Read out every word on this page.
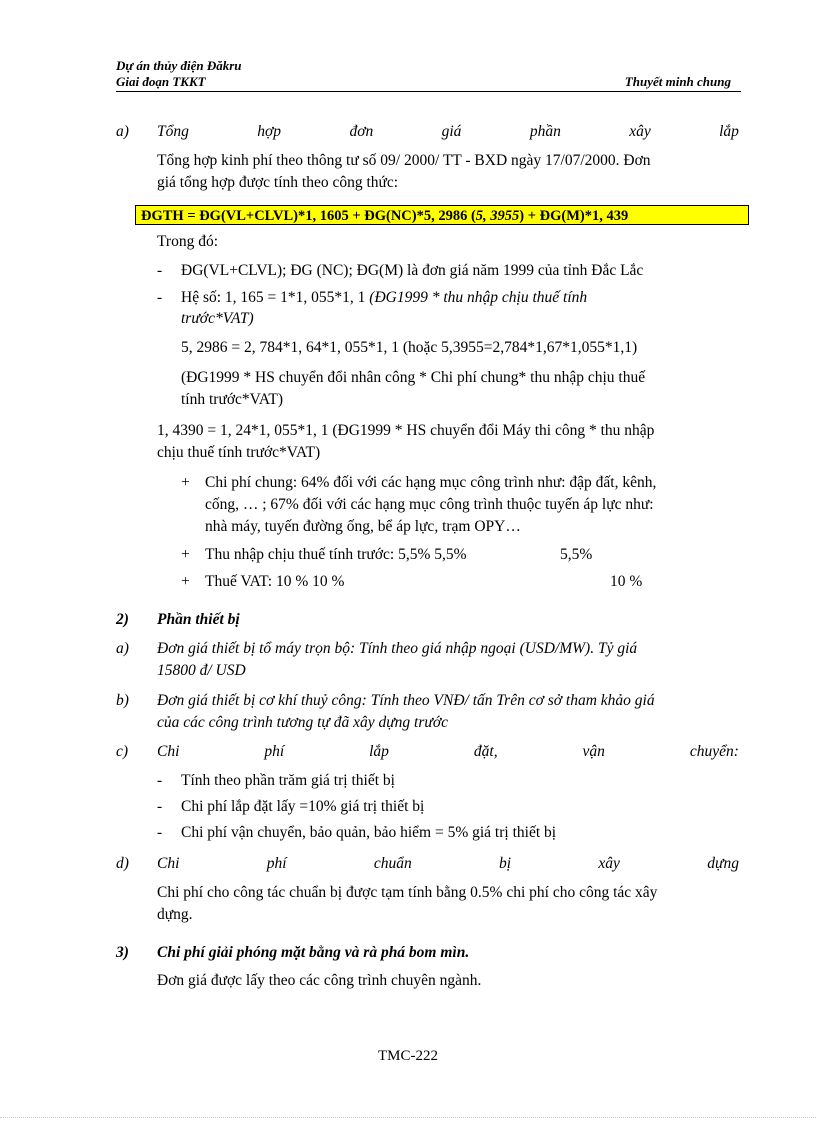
Dự án thủy điện Đăkru
Giai đoạn TKKT	Thuyết minh chung
a) Tổng	hợp	đơn	giá	phần	xây	lắp
Tổng hợp kinh phí theo thông tư số 09/ 2000/ TT - BXD ngày 17/07/2000. Đơn
giá tổng hợp được tính theo công thức:
ĐGTH = ĐG(VL+CLVL)*1, 1605 + ĐG(NC)*5, 2986 (5, 3955) + ĐG(M)*1, 439
Trong đó:
- ĐG(VL+CLVL); ĐG (NC); ĐG(M) là đơn giá năm 1999 của tỉnh Đắc Lắc
- Hệ số: 1, 165 = 1*1, 055*1, 1 (ĐG1999 * thu nhập chịu thuế tính
trước*VAT)
5, 2986 = 2, 784*1, 64*1, 055*1, 1 (hoặc 5,3955=2,784*1,67*1,055*1,1)
(ĐG1999 * HS chuyển đổi nhân công * Chi phí chung* thu nhập chịu thuế
tính trước*VAT)
1, 4390 = 1, 24*1, 055*1, 1 (ĐG1999 * HS chuyển đổi Máy thi công * thu nhập
chịu thuế tính trước*VAT)
+ Chi phí chung: 64% đối với các hạng mục công trình như: đập đất, kênh,
cống, … ; 67% đối với các hạng mục công trình thuộc tuyến áp lực như:
nhà máy, tuyến đường ống, bể áp lực, trạm OPY…
+ Thu nhập chịu thuế tính trước: 5,5% 5,5%	5,5%
+ Thuế VAT: 10 % 10 %	10 %
2) Phần thiết bị
a) Đơn giá thiết bị tổ máy trọn bộ: Tính theo giá nhập ngoại (USD/MW). Tỷ giá
15800 đ/ USD
b) Đơn giá thiết bị cơ khí thuỷ công: Tính theo VNĐ/ tấn Trên cơ sở tham khảo giá
của các công trình tương tự đã xây dựng trước
c) Chi	phí	lắp	đặt,	vận	chuyển:
- Tính theo phần trăm giá trị thiết bị
- Chi phí lắp đặt lấy =10% giá trị thiết bị
- Chi phí vận chuyển, bảo quản, bảo hiểm = 5% giá trị thiết bị
d) Chi	phí	chuẩn	bị	xây	dựng
Chi phí cho công tác chuẩn bị được tạm tính bằng 0.5% chi phí cho công tác xây
dựng.
3) Chi phí giải phóng mặt bằng và rà phá bom mìn.
Đơn giá được lấy theo các công trình chuyên ngành.
TMC-222
